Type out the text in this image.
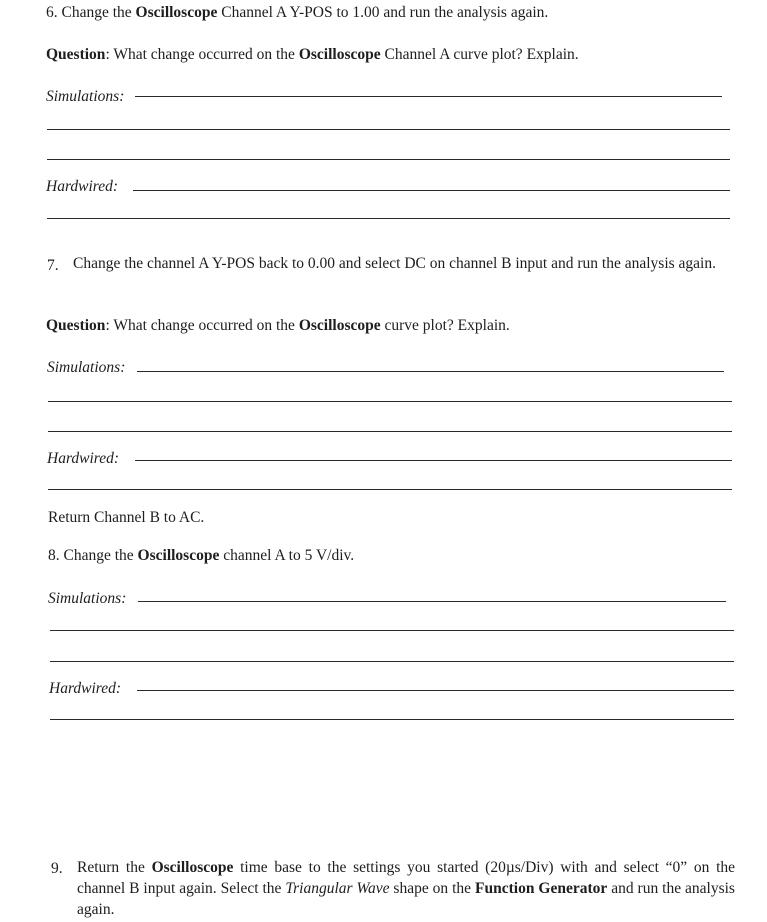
6. Change the Oscilloscope Channel A Y-POS to 1.00 and run the analysis again.
Question: What change occurred on the Oscilloscope Channel A curve plot? Explain.
Simulations:
Hardwired:
7. Change the channel A Y-POS back to 0.00 and select DC on channel B input and run the analysis again.
Question: What change occurred on the Oscilloscope curve plot? Explain.
Simulations:
Hardwired:
Return Channel B to AC.
8. Change the Oscilloscope channel A to 5 V/div.
Simulations:
Hardwired:
9. Return the Oscilloscope time base to the settings you started (20µs/Div) with and select “0” on the channel B input again. Select the Triangular Wave shape on the Function Generator and run the analysis again.
